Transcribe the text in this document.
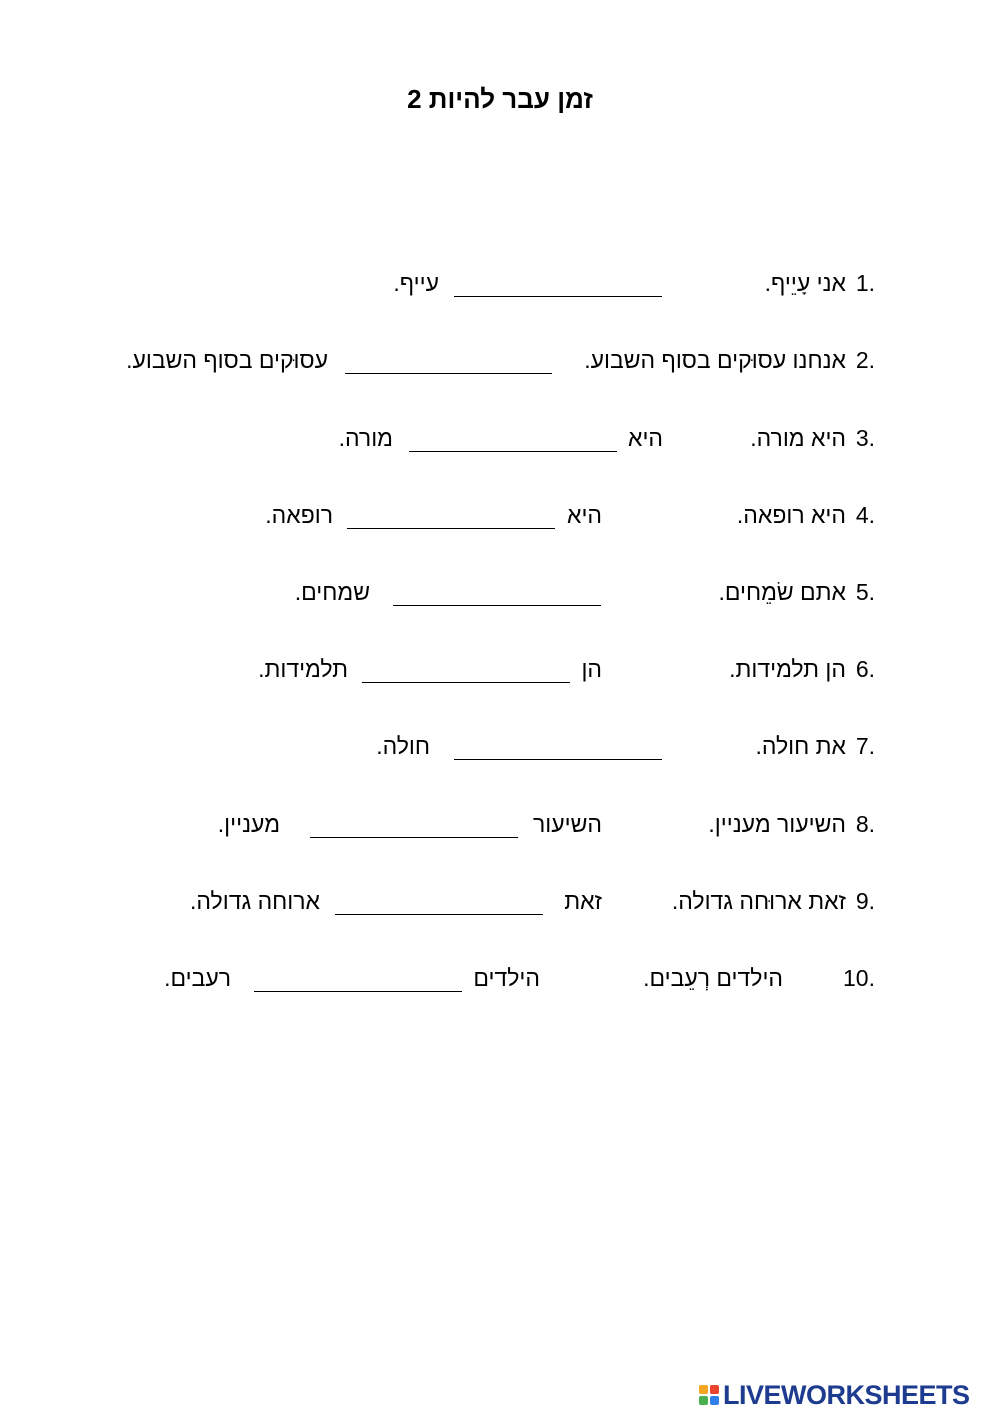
זמן עבר להיות 2
1.
אני עָיֵיף.
עייף.
2.
אנחנו עסוּקים בסוף השבוע.
עסוּקים בסוף השבוע.
3.
היא מורה.
היא
מורה.
4.
היא רופאה.
היא
רופאה.
5.
אתם שׂמֵחים.
שמחים.
6.
הן תלמידות.
הן
תלמידות.
7.
את חולה.
חולה.
8.
השיעור מעניין.
השיעור
מעניין.
9.
זאת ארוּחה גדולה.
זאת
ארוחה גדולה.
10.
הילדים רְעֵבים.
הילדים
רעבים.
LIVEWORKSHEETS
